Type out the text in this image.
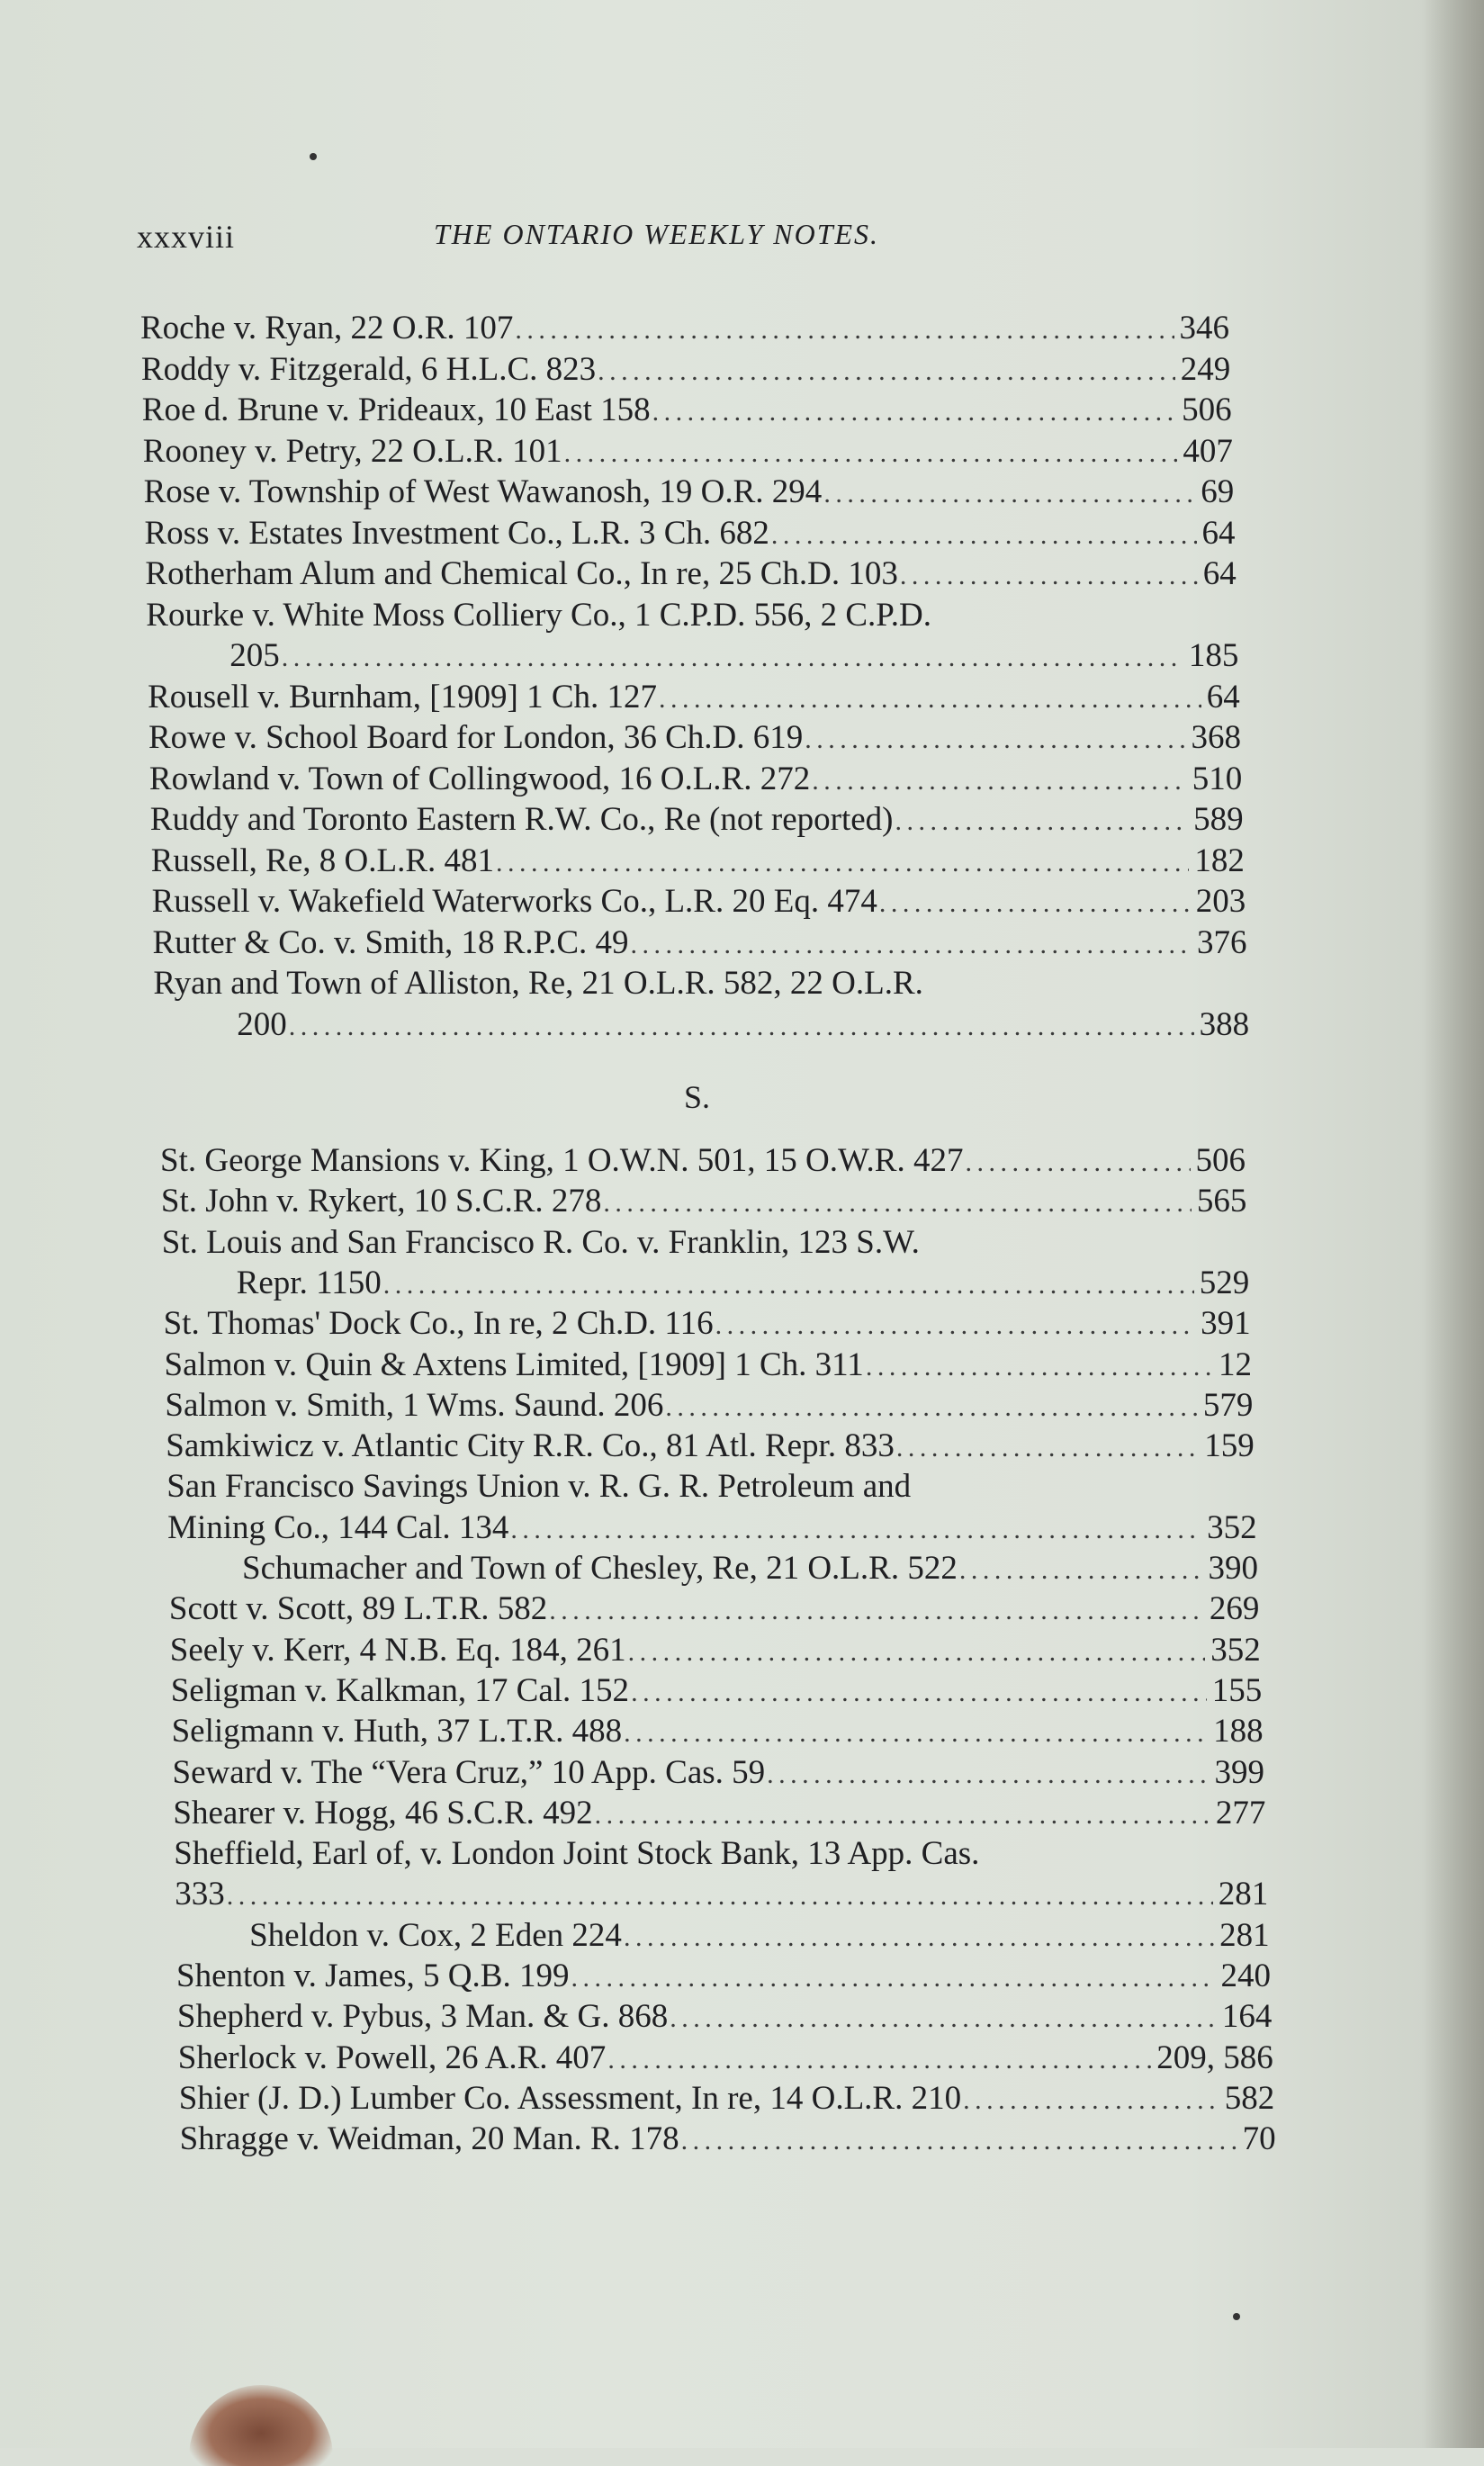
xxxviii	THE ONTARIO WEEKLY NOTES.
Roche v. Ryan, 22 O.R. 107 . . .	346
Roddy v. Fitzgerald, 6 H.L.C. 823 . . .	249
Roe d. Brune v. Prideaux, 10 East 158 . . .	506
Rooney v. Petry, 22 O.L.R. 101 . . .	407
Rose v. Township of West Wawanosh, 19 O.R. 294 . . .	69
Ross v. Estates Investment Co., L.R. 3 Ch. 682 . . .	64
Rotherham Alum and Chemical Co., In re, 25 Ch.D. 103 . . .	64
Rourke v. White Moss Colliery Co., 1 C.P.D. 556, 2 C.P.D.
205 . . .	185
Rousell v. Burnham, [1909] 1 Ch. 127 . . .	64
Rowe v. School Board for London, 36 Ch.D. 619 . . .	368
Rowland v. Town of Collingwood, 16 O.L.R. 272 . . .	510
Ruddy and Toronto Eastern R.W. Co., Re (not reported) . . .	589
Russell, Re, 8 O.L.R. 481 . . .	182
Russell v. Wakefield Waterworks Co., L.R. 20 Eq. 474 . . .	203
Rutter & Co. v. Smith, 18 R.P.C. 49 . . .	376
Ryan and Town of Alliston, Re, 21 O.L.R. 582, 22 O.L.R.
200 . . .	388
S.
St. George Mansions v. King, 1 O.W.N. 501, 15 O.W.R. 427 . . .	506
St. John v. Rykert, 10 S.C.R. 278 . . .	565
St. Louis and San Francisco R. Co. v. Franklin, 123 S.W.
Repr. 1150 . . .	529
St. Thomas' Dock Co., In re, 2 Ch.D. 116 . . .	391
Salmon v. Quin & Axtens Limited, [1909] 1 Ch. 311 . . .	12
Salmon v. Smith, 1 Wms. Saund. 206 . . .	579
Samkiwicz v. Atlantic City R.R. Co., 81 Atl. Repr. 833 . . .	159
San Francisco Savings Union v. R. G. R. Petroleum and
Mining Co., 144 Cal. 134 . . .	352
Schumacher and Town of Chesley, Re, 21 O.L.R. 522 . . .	390
Scott v. Scott, 89 L.T.R. 582 . . .	269
Seely v. Kerr, 4 N.B. Eq. 184, 261 . . .	352
Seligman v. Kalkman, 17 Cal. 152 . . .	155
Seligmann v. Huth, 37 L.T.R. 488 . . .	188
Seward v. The “Vera Cruz,” 10 App. Cas. 59 . . .	399
Shearer v. Hogg, 46 S.C.R. 492 . . .	277
Sheffield, Earl of, v. London Joint Stock Bank, 13 App. Cas.
333 . . .	281
Sheldon v. Cox, 2 Eden 224 . . .	281
Shenton v. James, 5 Q.B. 199 . . .	240
Shepherd v. Pybus, 3 Man. & G. 868 . . .	164
Sherlock v. Powell, 26 A.R. 407 . . .	209, 586
Shier (J. D.) Lumber Co. Assessment, In re, 14 O.L.R. 210 . . .	582
Shragge v. Weidman, 20 Man. R. 178 . . .	70
